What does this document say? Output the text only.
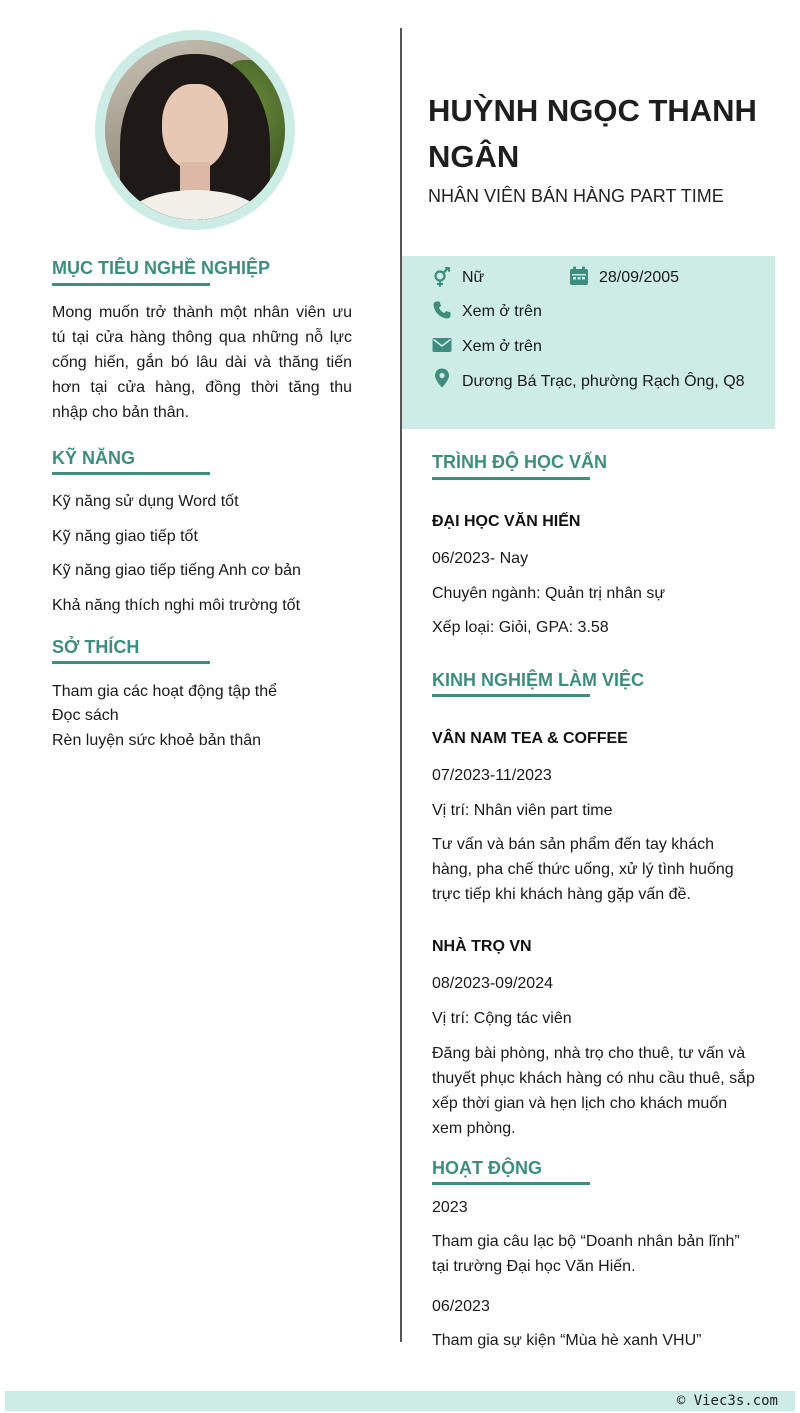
MỤC TIÊU NGHỀ NGHIỆP
Mong muốn trở thành một nhân viên ưu tú tại cửa hàng thông qua những nỗ lực cống hiến, gắn bó lâu dài và thăng tiến hơn tại cửa hàng, đồng thời tăng thu nhập cho bản thân.
KỸ NĂNG
Kỹ năng sử dụng Word tốt
Kỹ năng giao tiếp tốt
Kỹ năng giao tiếp tiếng Anh cơ bản
Khả năng thích nghi môi trường tốt
SỞ THÍCH
Tham gia các hoạt động tập thể
Đọc sách
Rèn luyện sức khoẻ bản thân
HUỲNH NGỌC THANH NGÂN
NHÂN VIÊN BÁN HÀNG PART TIME
Nữ	28/09/2005
Xem ở trên
Xem ở trên
Dương Bá Trạc, phường Rạch Ông, Q8
TRÌNH ĐỘ HỌC VẤN
ĐẠI HỌC VĂN HIẾN
06/2023- Nay
Chuyên ngành: Quản trị nhân sự
Xếp loại: Giỏi, GPA: 3.58
KINH NGHIỆM LÀM VIỆC
VÂN NAM TEA & COFFEE
07/2023-11/2023
Vị trí: Nhân viên part time
Tư vấn và bán sản phẩm đến tay khách hàng, pha chế thức uống, xử lý tình huống trực tiếp khi khách hàng gặp vấn đề.
NHÀ TRỌ VN
08/2023-09/2024
Vị trí: Cộng tác viên
Đăng bài phòng, nhà trọ cho thuê, tư vấn và thuyết phục khách hàng có nhu cầu thuê, sắp xếp thời gian và hẹn lịch cho khách muốn xem phòng.
HOẠT ĐỘNG
2023
Tham gia câu lạc bộ “Doanh nhân bản lĩnh” tại trường Đại học Văn Hiến.
06/2023
Tham gia sự kiện “Mùa hè xanh VHU”
© Viec3s.com
